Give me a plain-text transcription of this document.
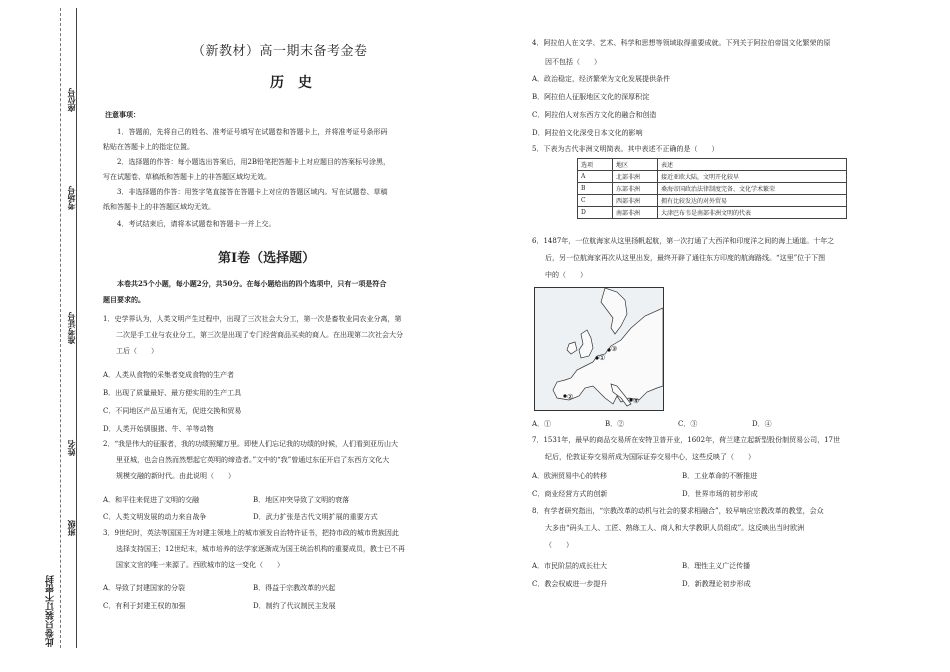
座位号
考场号
准考证号
姓名
班级
此卷只装订不密封
（新教材）高一期末备考金卷
历　史
注意事项：
1．答题前，先将自己的姓名、准考证号填写在试题卷和答题卡上，并将准考证号条形码
粘贴在答题卡上的指定位置。
2．选择题的作答：每小题选出答案后，用2B铅笔把答题卡上对应题目的答案标号涂黑，
写在试题卷、草稿纸和答题卡上的非答题区域均无效。
3．非选择题的作答：用签字笔直接答在答题卡上对应的答题区域内。写在试题卷、草稿
纸和答题卡上的非答题区域均无效。
4．考试结束后，请将本试题卷和答题卡一并上交。
第Ⅰ卷（选择题）
本卷共25个小题，每小题2分，共50分。在每小题给出的四个选项中，只有一项是符合
题目要求的。
1．史学界认为，人类文明产生过程中，出现了三次社会大分工，第一次是畜牧业同农业分离，第
二次是手工业与农业分工，第三次是出现了专门经营商品买卖的商人。在出现第二次社会大分
工后（　　）
A．人类从食物的采集者变成食物的生产者
B．出现了质量最好、最方便实用的生产工具
C．不同地区产品互通有无，促进交换和贸易
D．人类开始驯服猪、牛、羊等动物
2．“我是伟大的征服者，我的功绩照耀万里。即使人们忘记我的功绩的时候，人们看到亚历山大
里亚城，也会自然而然想起它英明的缔造者。”文中的“我”曾通过东征开启了东西方文化大
规模交融的新时代。由此说明（　　）
A．和平往来促进了文明的交融	B．地区冲突导致了文明的衰落
C．人类文明发展的动力来自战争	D．武力扩张是古代文明扩展的重要方式
3．9世纪时，英法等国国王为对建主领地上的城市颁发自治特许证书，把持市政的城市贵族因此
选择支持国王；12世纪末，城市培养的法学家逐渐成为国王统治机构的重要成员，教士已不再
国家文官的唯一来源了。西欧城市的这一变化（　　）
A．导致了封建国家的分裂	B．得益于宗教改革的兴起
C．有利于封建王权的加强	D．制约了代议制民主发展
4．阿拉伯人在文学、艺术、科学和思想等领域取得重要成就。下列关于阿拉伯帝国文化繁荣的原
因不包括（　　）
A．政治稳定，经济繁荣为文化发展提供条件
B．阿拉伯人征服地区文化的深厚积淀
C．阿拉伯人对东西方文化的融合和创造
D．阿拉伯文化深受日本文化的影响
5．下表为古代非洲文明简表。其中表述不正确的是（　　）
选项	地区	表述
A	北部非洲	接近亚欧大陆，文明开化较早
B	东部非洲	桑海帝国政治法律制度完备、文化学术繁荣
C	西部非洲	拥有比较发达的对外贸易
D	南部非洲	大津巴布韦是南部非洲文明的代表
6．1487年，一位航海家从这里扬帆起航，第一次打通了大西洋和印度洋之间的海上通道。十年之
后，另一位航海家再次从这里出发，最终开辟了通往东方印度的航海路线。“这里”位于下图
中的（　　）
①
②
③
④
A．①	B．②	C．③	D．④
7．1531年，最早的商品交易所在安特卫普开业，1602年，荷兰建立起新型股份制贸易公司，17世
纪后，伦敦证券交易所成为国际证券交易中心，这些反映了（　　）
A．欧洲贸易中心的转移	B．工业革命的不断推进
C．商业经营方式的创新	D．世界市场的初步形成
8．有学者研究指出，“宗教改革的动机与社会的要求相融合”，较早响应宗教改革的教堂，会众
大多由“码头工人、工匠、熟练工人、商人和大学教职人员组成”。这反映出当时欧洲
（　　）
A．市民阶层的成长壮大	B．理性主义广泛传播
C．教会权威进一步提升	D．新教理论初步形成
